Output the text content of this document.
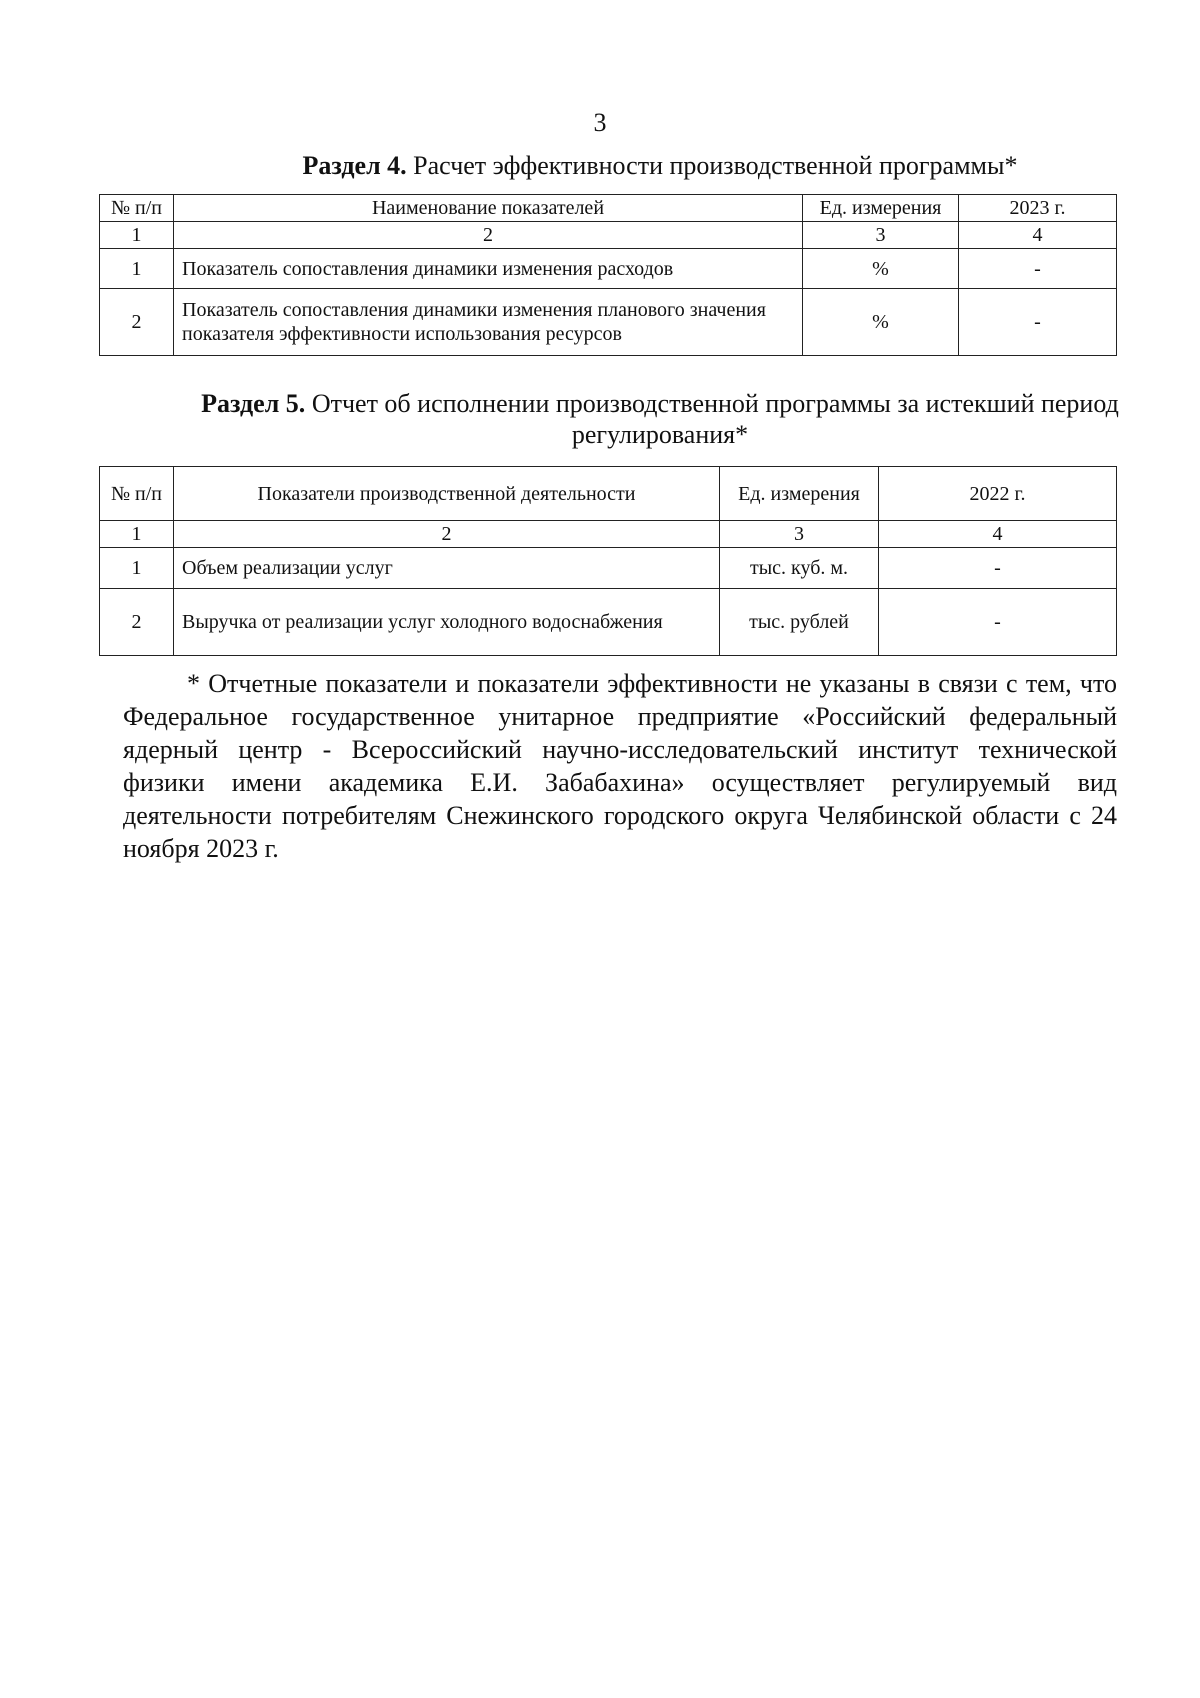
3
Раздел 4. Расчет эффективности производственной программы*
№ п/п	Наименование показателей	Ед. измерения	2023 г.
1	2	3	4
1	Показатель сопоставления динамики изменения расходов	%	-
2	Показатель сопоставления динамики изменения планового значения показателя эффективности использования ресурсов	%	-
Раздел 5. Отчет об исполнении производственной программы за истекший период регулирования*
№ п/п	Показатели производственной деятельности	Ед. измерения	2022 г.
1	2	3	4
1	Объем реализации услуг	тыс. куб. м.	-
2	Выручка от реализации услуг холодного водоснабжения	тыс. рублей	-
* Отчетные показатели и показатели эффективности не указаны в связи с тем, что Федеральное государственное унитарное предприятие «Российский федеральный ядерный центр - Всероссийский научно-исследовательский институт технической физики имени академика Е.И. Забабахина» осуществляет регулируемый вид деятельности потребителям Снежинского городского округа Челябинской области с 24 ноября 2023 г.
